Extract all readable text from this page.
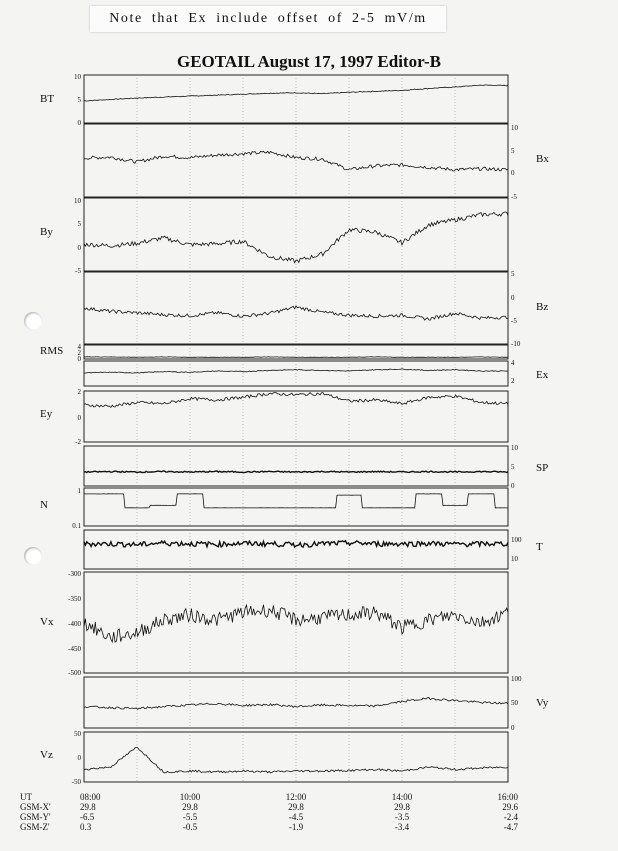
Note that Ex include offset of 2-5 mV/m
GEOTAIL August 17, 1997 Editor-B
10
5
0
BT
10
5
0
-5
Bx
10
5
0
-5
By
5
0
-5
-10
Bz
4
2
0
RMS
4
2 Ex
2
0
-2
Ey
10
5
0
SP
1
0.1
N
100
10
T
-300
-350
-400
-450
-500
Vx
100
50
0
Vy
50
0
-50
Vz
UT
GSM-X'
GSM-Y'
GSM-Z'
08:00
29.8
-6.5
0.3
10:00
29.8
-5.5
-0.5
12:00
29.8
-4.5
-1.9
14:00
29.8
-3.5
-3.4
16:00
29.6
-2.4
-4.7
